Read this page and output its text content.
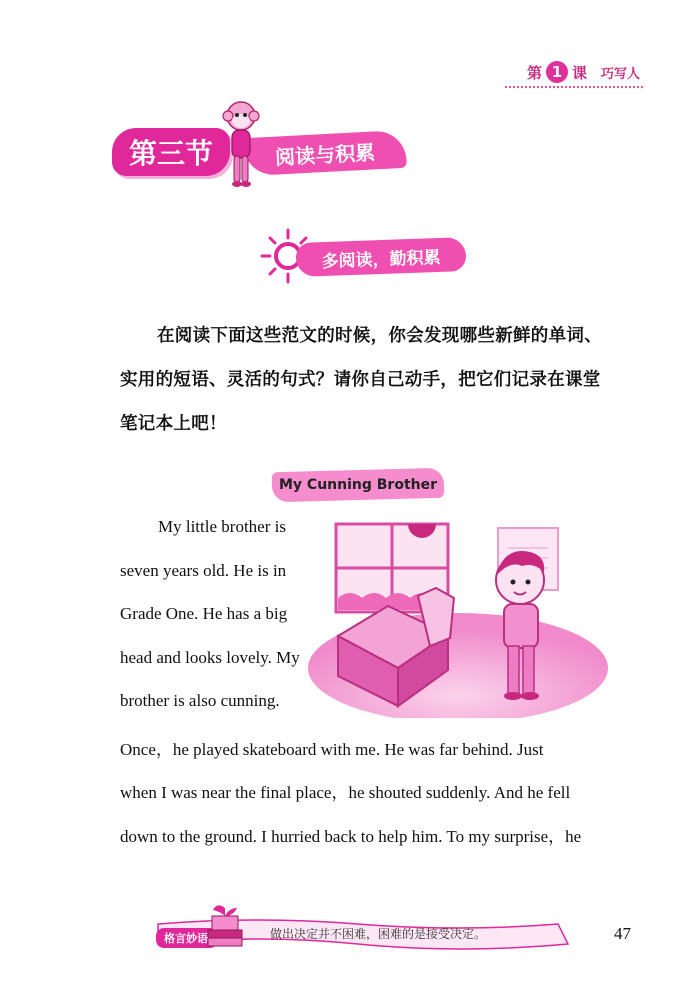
第 1 课 巧写人
第三节	阅读与积累
多阅读，勤积累
在阅读下面这些范文的时候，你会发现哪些新鲜的单词、实用的短语、灵活的句式？请你自己动手，把它们记录在课堂笔记本上吧！
My Cunning Brother
My little brother is
seven years old. He is in
Grade One. He has a big
head and looks lovely. My
brother is also cunning.
Once，he played skateboard with me. He was far behind. Just
when I was near the final place，he shouted suddenly. And he fell
down to the ground. I hurried back to help him. To my surprise，he
格言妙语	做出决定并不困难，困难的是接受决定。	47
